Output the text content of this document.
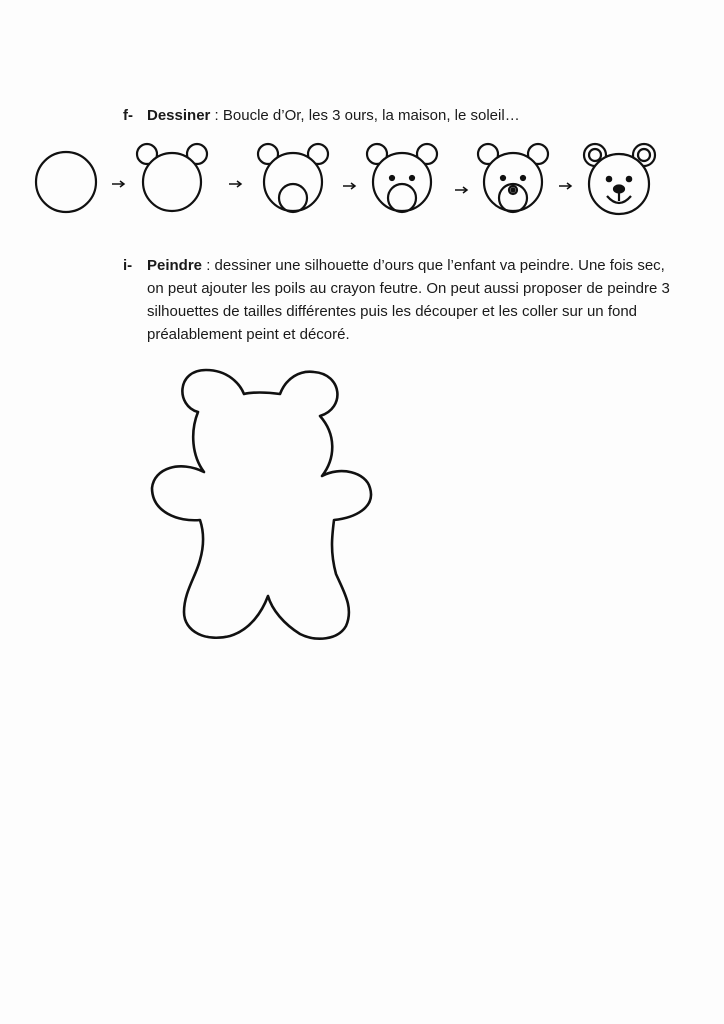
f- Dessiner : Boucle d’Or, les 3 ours, la maison, le soleil…
i- Peindre : dessiner une silhouette d’ours que l’enfant va peindre. Une fois sec, on peut ajouter les poils au crayon feutre. On peut aussi proposer de peindre 3 silhouettes de tailles différentes puis les découper et les coller sur un fond préalablement peint et décoré.
